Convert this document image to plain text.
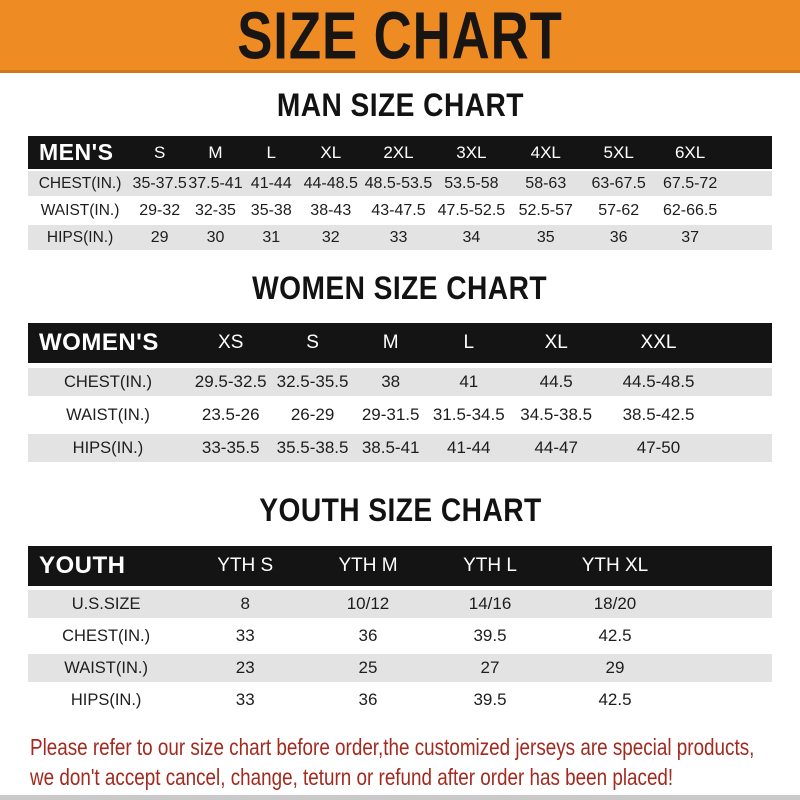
SIZE CHART
MAN SIZE CHART
MEN'S	S	M	L	XL	2XL	3XL	4XL	5XL	6XL
CHEST(IN.) 35-37.5 37.5-41 41-44 44-48.5 48.5-53.5 53.5-58	58-63	63-67.5	67.5-72
WAIST(IN.)	29-32 32-35 35-38	38-43	43-47.5 47.5-52.5 52.5-57	57-62	62-66.5
HIPS(IN.)	29	30	31	32	33	34	35	36	37
WOMEN SIZE CHART
WOMEN'S	XS	S	M	L	XL	XXL
CHEST(IN.)	29.5-32.5 32.5-35.5	38	41	44.5	44.5-48.5
WAIST(IN.)	23.5-26	26-29	29-31.5 31.5-34.5 34.5-38.5	38.5-42.5
HIPS(IN.)	33-35.5	35.5-38.5 38.5-41	41-44	44-47	47-50
YOUTH SIZE CHART
YOUTH	YTH S	YTH M	YTH L	YTH XL
U.S.SIZE	8	10/12	14/16	18/20
CHEST(IN.)	33	36	39.5	42.5
WAIST(IN.)	23	25	27	29
HIPS(IN.)	33	36	39.5	42.5
Please refer to our size chart before order,the customized jerseys are special products,
we don't accept cancel, change, teturn or refund after order has been placed!
